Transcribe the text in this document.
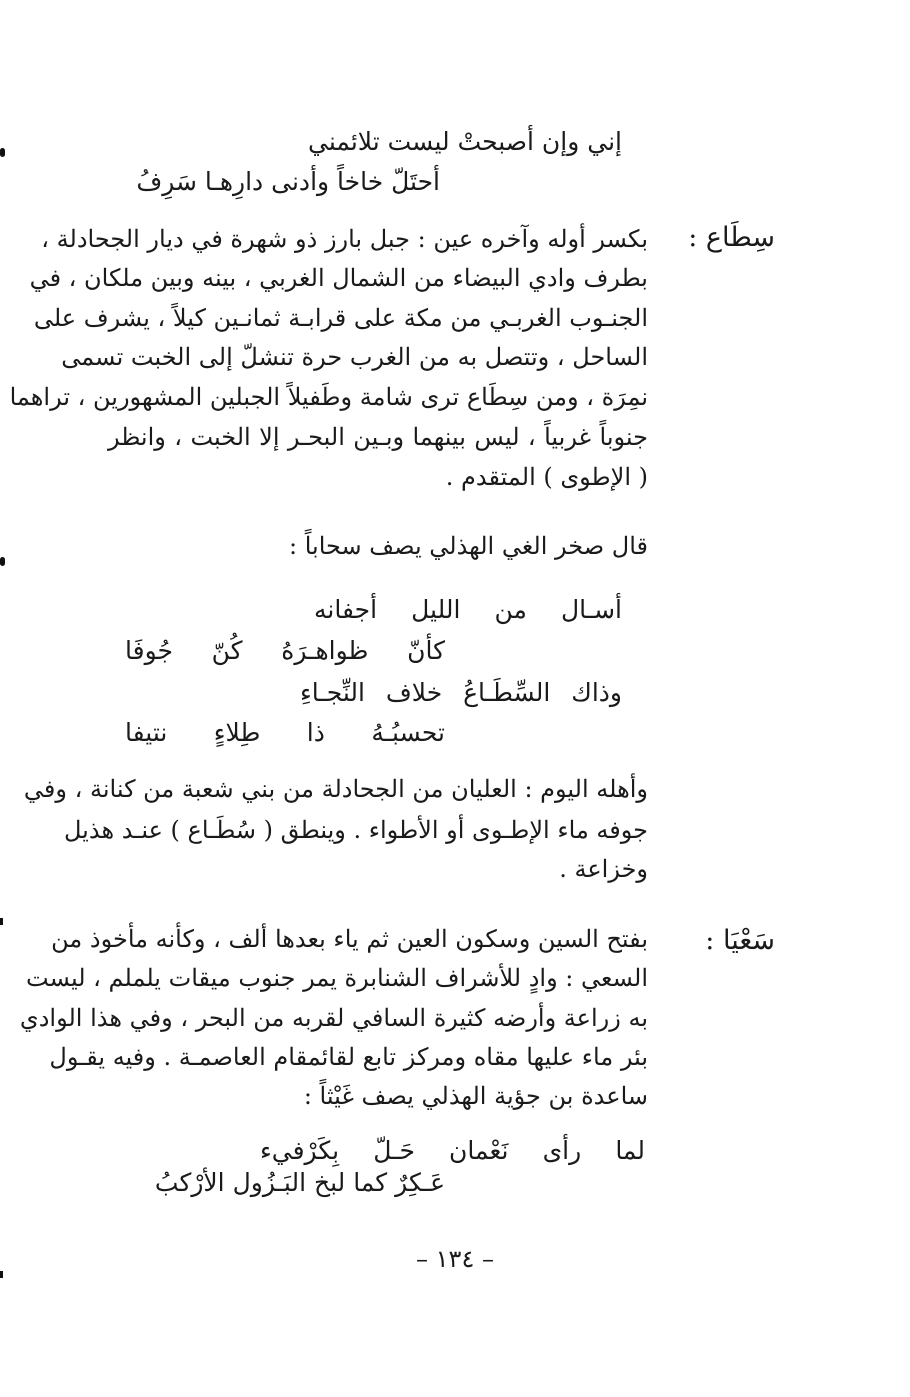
إني وإن أصبحتْ ليست تلائمني
أحتَلّ خاخاً وأدنى دارِهـا سَرِفُ
سِطَاع :
بكسر أوله وآخره عين : جبل بارز ذو شهرة في ديار الجحادلة ،
بطرف وادي البيضاء من الشمال الغربي ، بينه وبين ملكان ، في
الجنـوب الغربـي من مكة على قرابـة ثمانـين كيلاً ، يشرف على
الساحل ، وتتصل به من الغرب حرة تنشلّ إلى الخبت تسمى
نمِرَة ، ومن سِطَاع ترى شامة وطَفيلاً الجبلين المشهورين ، تراهما
جنوباً غربياً ، ليس بينهما وبـين البحـر إلا الخبت ، وانظر
( الإطوى ) المتقدم .
قال صخر الغي الهذلي يصف سحاباً :
أسـال
من
الليل
أجفانه
كأنّ
ظواهـرَهُ
كُنّ
جُوفَا
وذاك
السِّطَـاعُ
خلاف
النِّجـاءِ
تحسبُـهُ
ذا
طِلاءٍ
نتيفا
وأهله اليوم : العليان من الجحادلة من بني شعبة من كنانة ، وفي
جوفه ماء الإطـوى أو الأطواء . وينطق ( سُطَـاع ) عنـد هذيل
وخزاعة .
سَعْيَا :
بفتح السين وسكون العين ثم ياء بعدها ألف ، وكأنه مأخوذ من
السعي : وادٍ للأشراف الشنابرة يمر جنوب ميقات يلملم ، ليست
به زراعة وأرضه كثيرة السافي لقربه من البحر ، وفي هذا الوادي
بئر ماء عليها مقاه ومركز تابع لقائمقام العاصمـة . وفيه يقـول
ساعدة بن جؤية الهذلي يصف غَيْثاً :
لما
رأى
نَعْمان
حَـلّ
بِكَرْفيء
عَـكِرٌ كما لبخ البَـزُول الأرْكبُ
– ١٣٤ –
